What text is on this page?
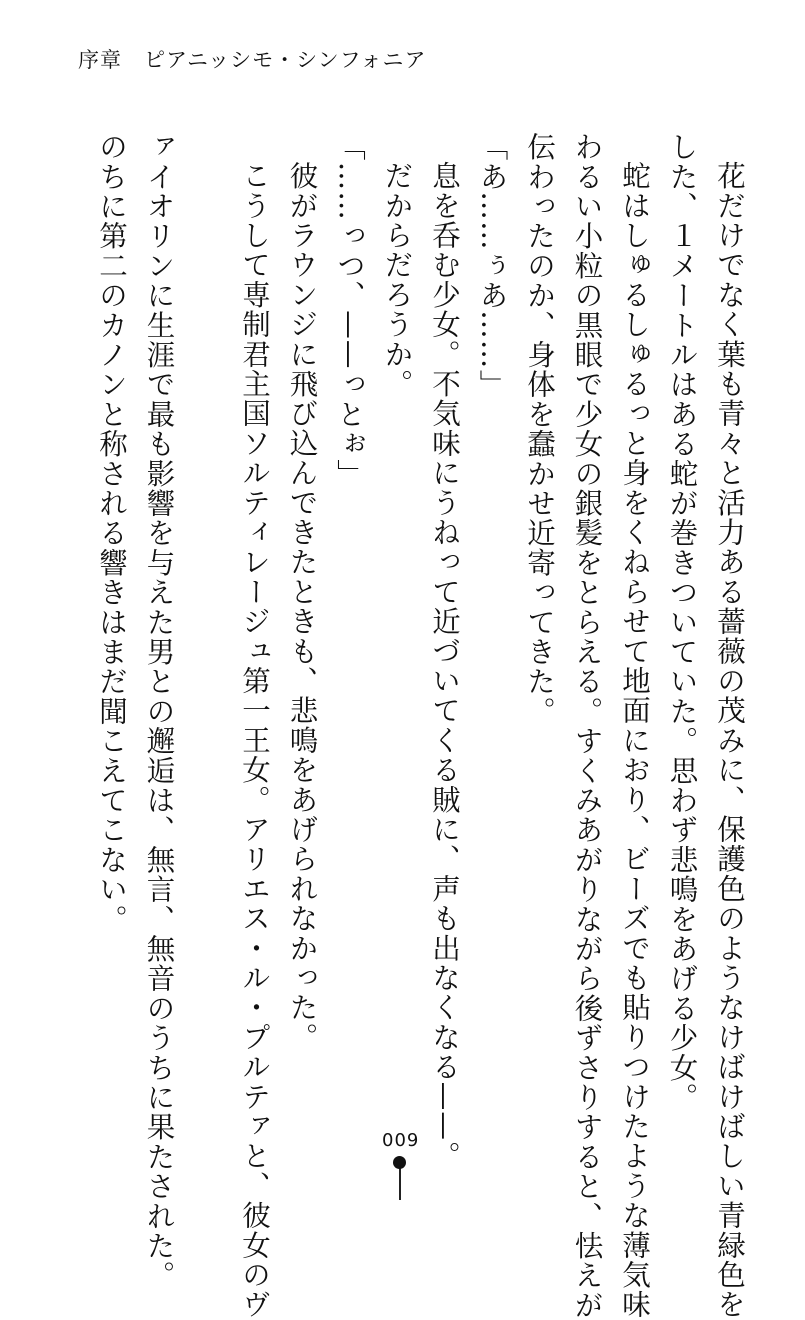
序章 ピアニッシモ・シンフォニア

花だけでなく葉も青々と活力ある薔薇の茂みに、保護色のようなけばけばしい青緑色を

した、１メートルはある蛇が巻きついていた。思わず悲鳴をあげる少女。

蛇はしゅるしゅるっと身をくねらせて地面におり、ビーズでも貼りつけたような薄気味

わるい小粒の黒眼で少女の銀髪をとらえる。すくみあがりながら後ずさりすると、怯えが

伝わったのか、身体を蠢かせ近寄ってきた。

「あ……ぅあ……」

息を呑む少女。不気味にうねって近づいてくる賊に、声も出なくなる——。

だからだろうか。

「……っつ、——っとぉ」

彼がラウンジに飛び込んできたときも、悲鳴をあげられなかった。

こうして専制君主国ソルティレージュ第一王女。アリエス・ル・プルテァと、彼女のヴ

ァイオリンに生涯で最も影響を与えた男との邂逅は、無言、無音のうちに果たされた。

のちに第二のカノンと称される響きはまだ聞こえてこない。

009
